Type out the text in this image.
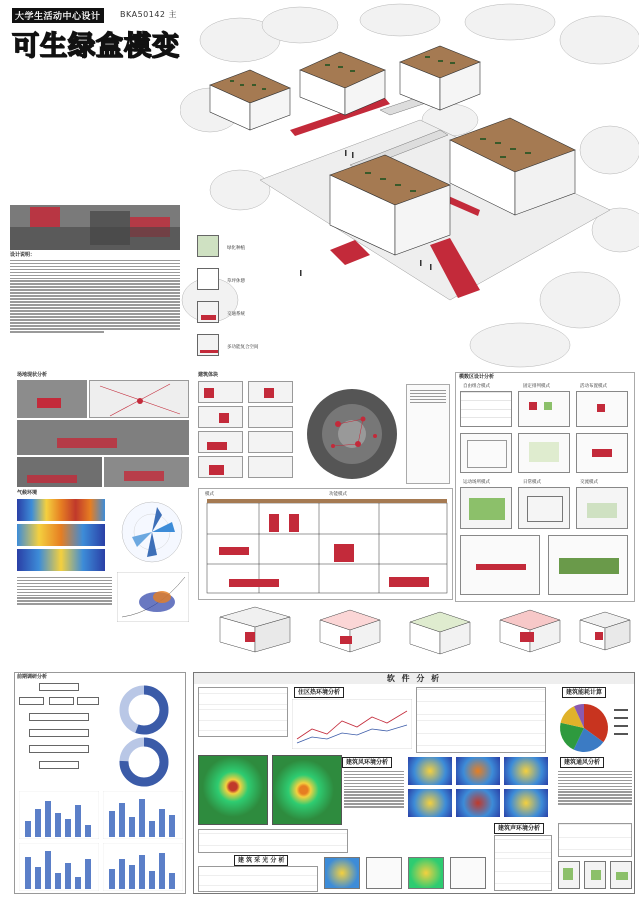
大学生活动中心设计	BKA50142 主
可生绿盒模变
设计说明：
绿化种植
草坪休憩
交通系统
多功能复合空间
场地现状分析
气候环境
建筑体块	模数区设计分析
自由组合模式	固定排列模式	活动布置模式
运动场所模式	日常模式	交流模式
模式	功能模式
前期调研分析	软 件 分 析
住区热环境分析	建筑能耗计算
建筑风环境分析
建筑声环境分析
建筑通风分析
建 筑 采 光 分 析
